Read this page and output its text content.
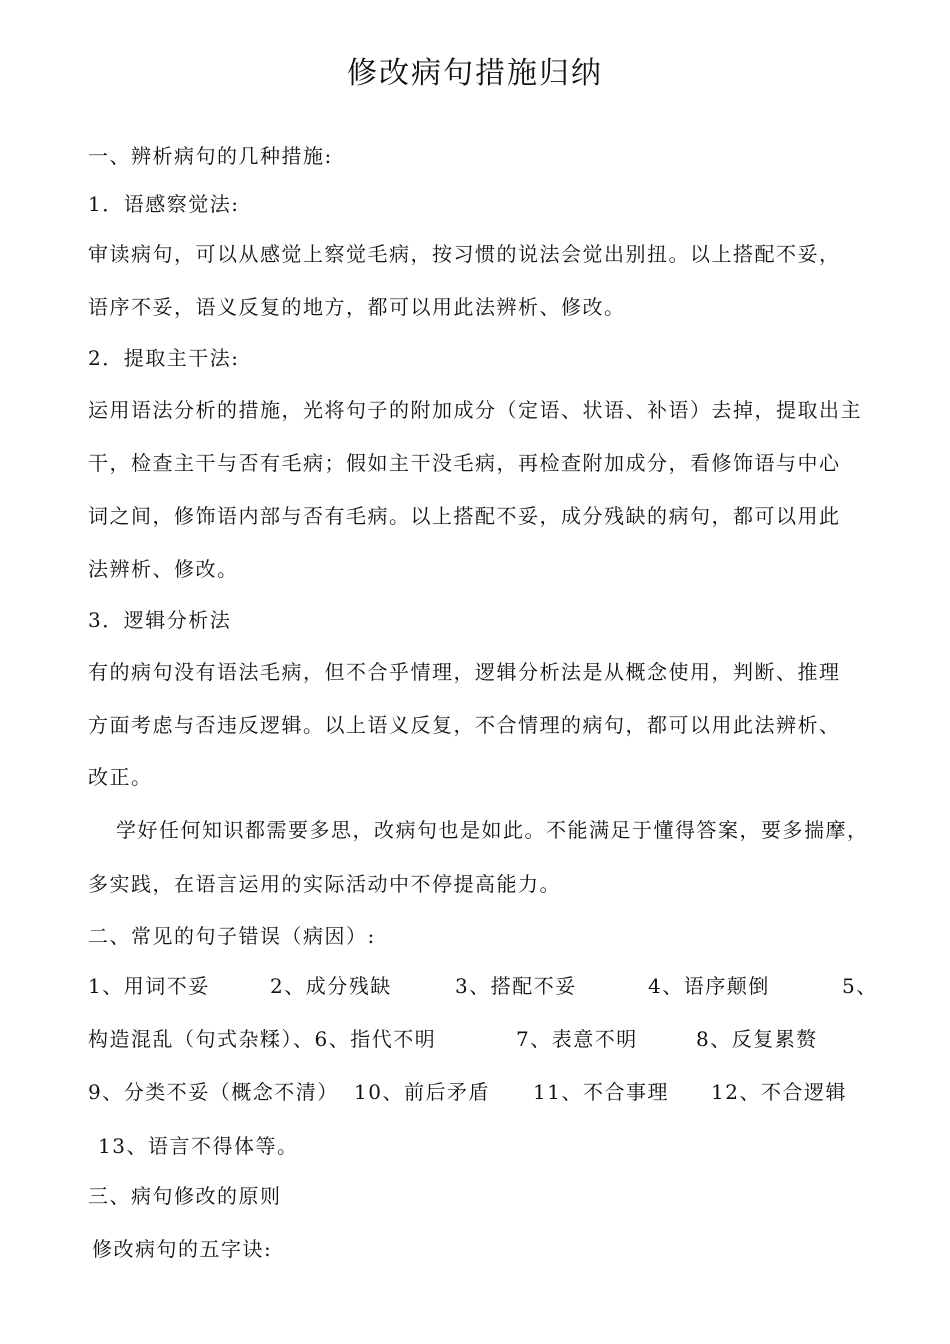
修改病句措施归纳
一、辨析病句的几种措施:
1．语感察觉法:
审读病句，可以从感觉上察觉毛病，按习惯的说法会觉出别扭。以上搭配不妥，
语序不妥，语义反复的地方，都可以用此法辨析、修改。
2．提取主干法:
运用语法分析的措施，光将句子的附加成分（定语、状语、补语）去掉，提取出主
干，检查主干与否有毛病；假如主干没毛病，再检查附加成分，看修饰语与中心
词之间，修饰语内部与否有毛病。以上搭配不妥，成分残缺的病句，都可以用此
法辨析、修改。
3．逻辑分析法
有的病句没有语法毛病，但不合乎情理，逻辑分析法是从概念使用，判断、推理
方面考虑与否违反逻辑。以上语义反复，不合情理的病句，都可以用此法辨析、
改正。
学好任何知识都需要多思，改病句也是如此。不能满足于懂得答案，要多揣摩，
多实践，在语言运用的实际活动中不停提高能力。
二、常见的句子错误（病因）:
1、用词不妥	2、成分残缺	3、搭配不妥	4、语序颠倒	5、
构造混乱（句式杂糅）、6、指代不明	7、表意不明	8、反复累赘
9、分类不妥（概念不清） 10、前后矛盾 11、不合事理 12、不合逻辑
13、语言不得体等。
三、病句修改的原则
修改病句的五字诀:
